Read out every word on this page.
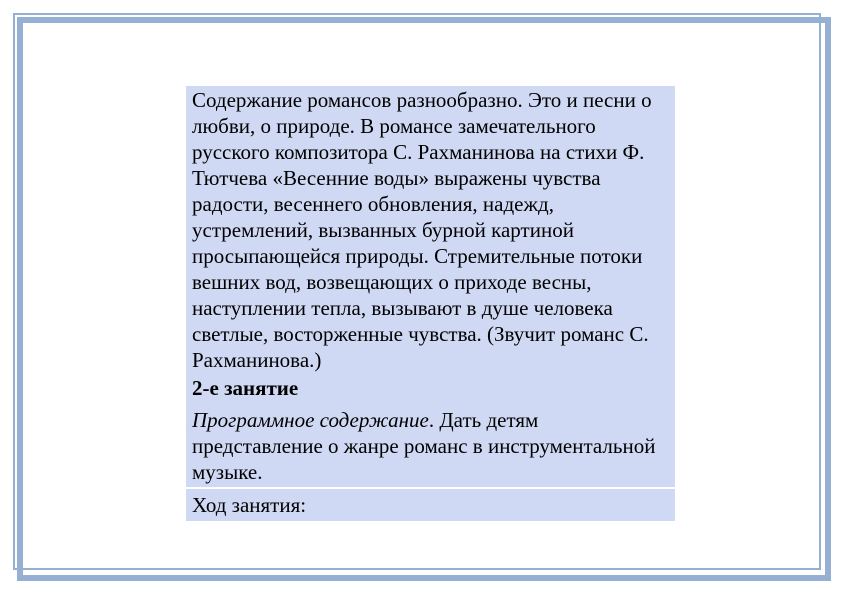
Содержание романсов разнообразно. Это и песни о любви, о природе. В романсе замечательного русского композитора С. Рахманинова на стихи Ф. Тютчева «Весенние воды» выражены чувства радости, весеннего обновления, надежд, устремлений, вызванных бурной картиной просыпающейся природы. Стремительные потоки вешних вод, возвещающих о приходе весны, наступлении тепла, вызывают в душе человека светлые, восторженные чувства. (Звучит романс С. Рахманинова.)

2-е занятие

Программное содержание. Дать детям представление о жанре романс в инструментальной музыке.

Ход занятия:
